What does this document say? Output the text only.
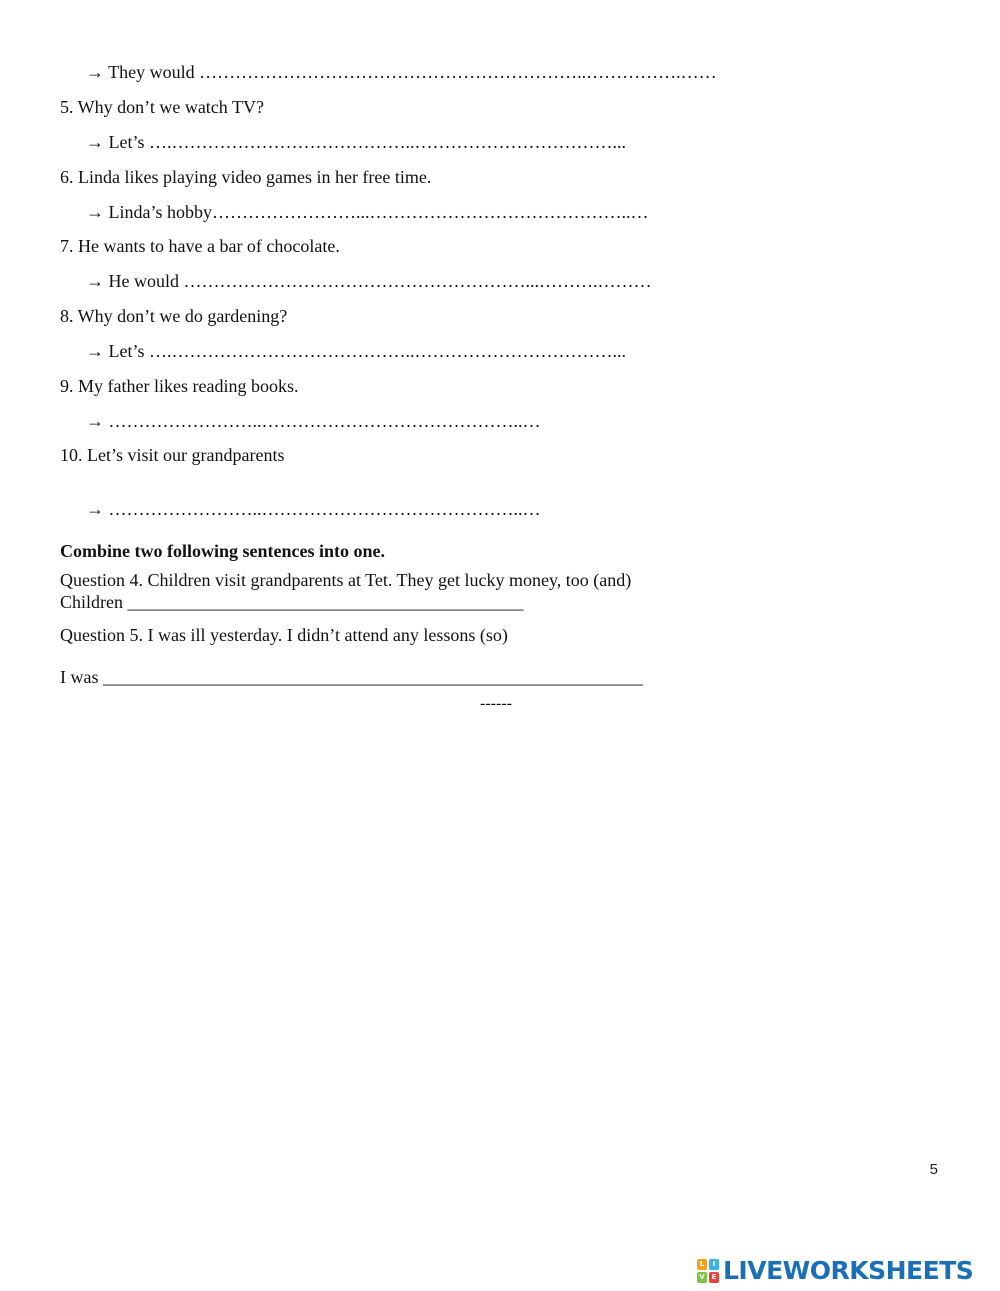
→ They would ………………………………………………………..…………….……
5. Why don’t we watch TV?
→ Let’s ….…………………………………..……………………………...
6. Linda likes playing video games in her free time.
→ Linda’s hobby……………………...……………………………………..…
7. He wants to have a bar of chocolate.
→ He would …………………………………………………...……….………
8. Why don’t we do gardening?
→ Let’s ….…………………………………..……………………………...
9. My father likes reading books.
→ ……………………..……………………………………..…
10. Let’s visit our grandparents
→ ……………………..……………………………………..…
Combine two following sentences into one.
Question 4. Children visit grandparents at Tet. They get lucky money, too (and)
Children ____________________________________________
Question 5. I was ill yesterday. I didn’t attend any lessons (so)
I was ____________________________________________________________
------
5
L	I
V E LIVEWORKSHEETS
